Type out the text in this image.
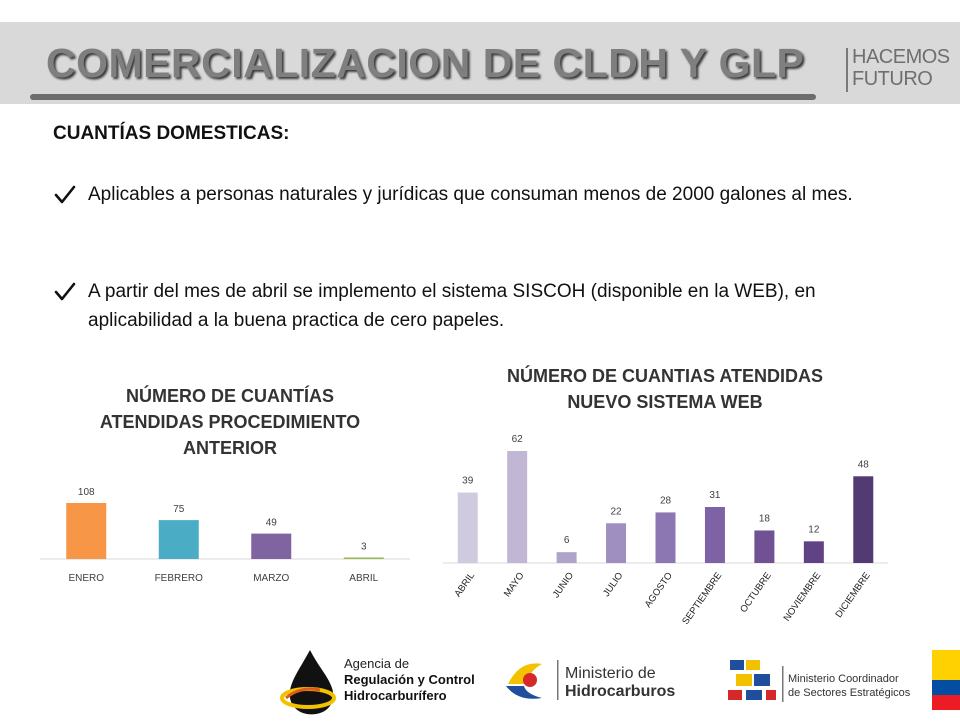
COMERCIALIZACION DE CLDH Y GLP HACEMOS
FUTURO
CUANTÍAS DOMESTICAS:
Aplicables a personas naturales y jurídicas que consuman menos de 2000 galones al mes.
A partir del mes de abril se implemento el sistema SISCOH (disponible en la WEB), en aplicabilidad a la buena practica de cero papeles.
NÚMERO DE CUANTÍAS
ATENDIDAS PROCEDIMIENTO
ANTERIOR
108
ENERO
75
FEBRERO
49
MARZO
3
ABRIL
NÚMERO DE CUANTIAS ATENDIDAS
NUEVO SISTEMA WEB
39
ABRIL
62
MAYO
6
JUNIO
22
JULIO
28
AGOSTO
31
SEPTIEMBRE
18
OCTUBRE
12
NOVIEMBRE
48
DICIEMBRE
Agencia de
Regulación y Control
Hidrocarburífero
Ministerio de
Hidrocarburos
Ministerio Coordinador
de Sectores Estratégicos
